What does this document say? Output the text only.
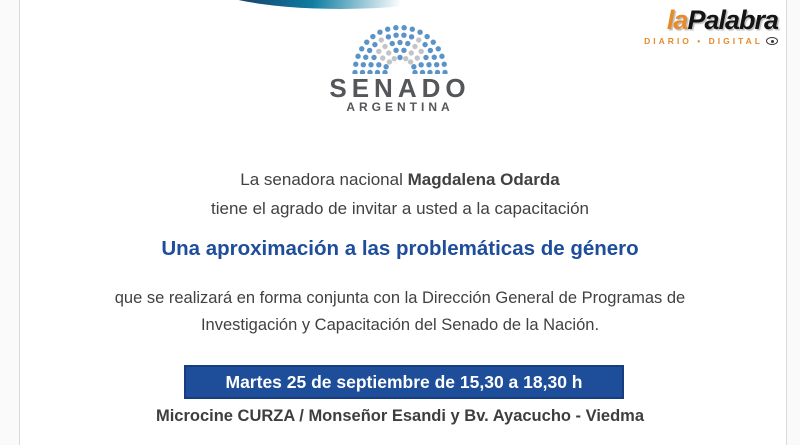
laPalabra
DIARIO • DIGITAL
SENADO
ARGENTINA
La senadora nacional Magdalena Odarda
tiene el agrado de invitar a usted a la capacitación
Una aproximación a las problemáticas de género
que se realizará en forma conjunta con la Dirección General de Programas de
Investigación y Capacitación del Senado de la Nación.
Martes 25 de septiembre de 15,30 a 18,30 h
Microcine CURZA / Monseñor Esandi y Bv. Ayacucho - Viedma
